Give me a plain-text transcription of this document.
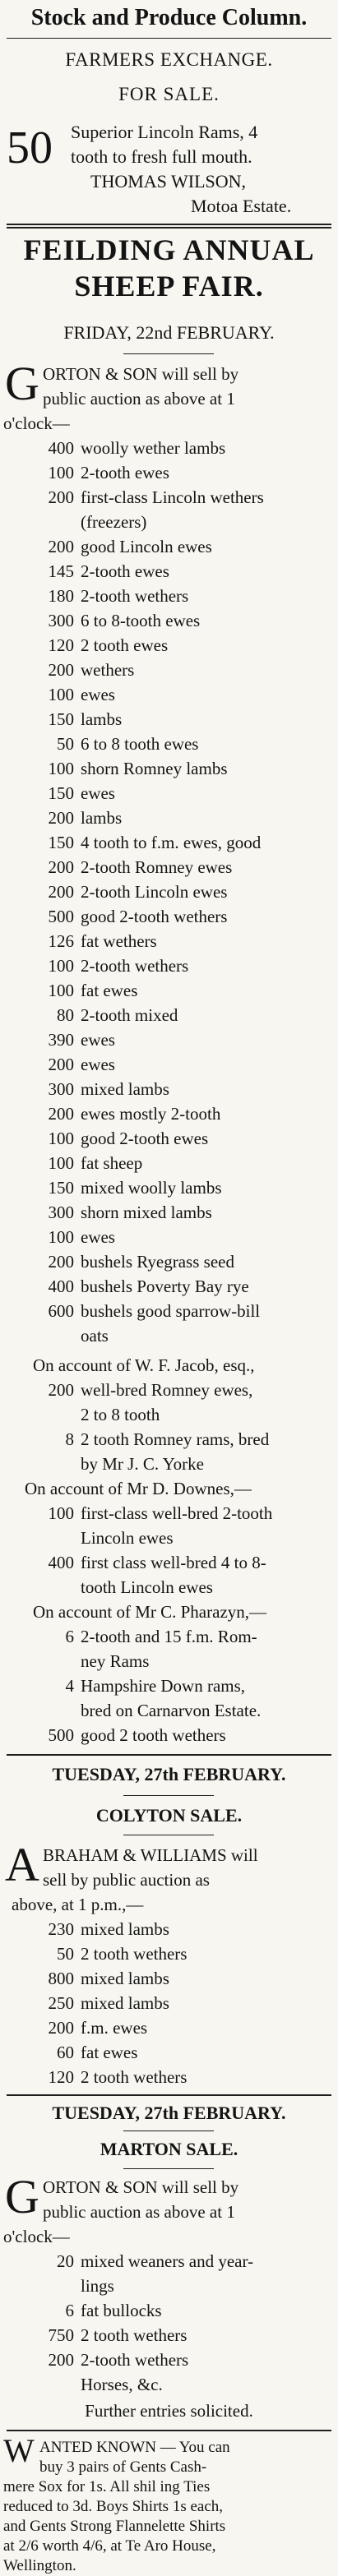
Stock and Produce Column.
FARMERS EXCHANGE.
FOR SALE.
50 Superior Lincoln Rams, 4
tooth to fresh full mouth.
THOMAS WILSON,
Motoa Estate.
FEILDING ANNUAL
SHEEP FAIR.
FRIDAY, 22nd FEBRUARY.
G ORTON & SON will sell by
public auction as above at 1
o'clock—
400 woolly wether lambs
100 2-tooth ewes
200 first-class Lincoln wethers
(freezers)
200 good Lincoln ewes
145 2-tooth ewes
180 2-tooth wethers
300 6 to 8-tooth ewes
120 2 tooth ewes
200 wethers
100 ewes
150 lambs
50 6 to 8 tooth ewes
100 shorn Romney lambs
150 ewes
200 lambs
150 4 tooth to f.m. ewes, good
200 2-tooth Romney ewes
200 2-tooth Lincoln ewes
500 good 2-tooth wethers
126 fat wethers
100 2-tooth wethers
100 fat ewes
80 2-tooth mixed
390 ewes
200 ewes
300 mixed lambs
200 ewes mostly 2-tooth
100 good 2-tooth ewes
100 fat sheep
150 mixed woolly lambs
300 shorn mixed lambs
100 ewes
200 bushels Ryegrass seed
400 bushels Poverty Bay rye
600 bushels good sparrow-bill
oats
On account of W. F. Jacob, esq.,
200 well-bred Romney ewes,
2 to 8 tooth
8 2 tooth Romney rams, bred
by Mr J. C. Yorke
On account of Mr D. Downes,—
100 first-class well-bred 2-tooth
Lincoln ewes
400 first class well-bred 4 to 8-
tooth Lincoln ewes
On account of Mr C. Pharazyn,—
6 2-tooth and 15 f.m. Rom-
ney Rams
4 Hampshire Down rams,
bred on Carnarvon Estate.
500 good 2 tooth wethers
TUESDAY, 27th FEBRUARY.
COLYTON SALE.
A BRAHAM & WILLIAMS will
sell by public auction as
above, at 1 p.m.,—
230 mixed lambs
50 2 tooth wethers
800 mixed lambs
250 mixed lambs
200 f.m. ewes
60 fat ewes
120 2 tooth wethers
TUESDAY, 27th FEBRUARY.
MARTON SALE.
G ORTON & SON will sell by
public auction as above at 1
o'clock—
20 mixed weaners and year-
lings
6 fat bullocks
750 2 tooth wethers
200 2-tooth wethers
Horses, &c.
Further entries solicited.
W ANTED KNOWN — You can
buy 3 pairs of Gents Cash-
mere Sox for 1s. All shil ing Ties
reduced to 3d. Boys Shirts 1s each,
and Gents Strong Flannelette Shirts
at 2/6 worth 4/6, at Te Aro House,
Wellington.
